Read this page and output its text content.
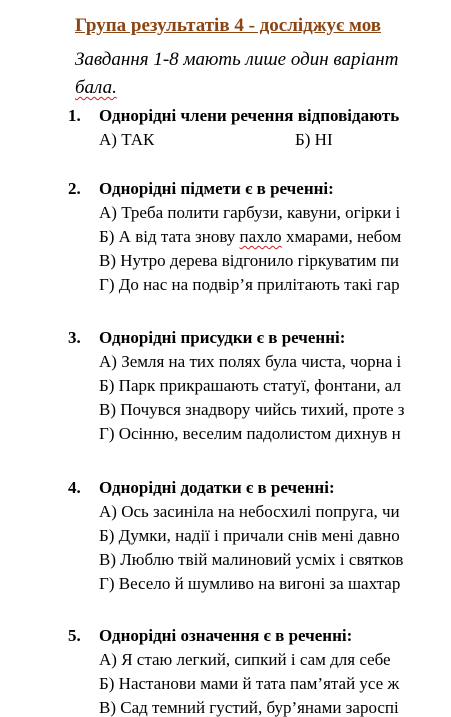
Група результатів 4 - досліджує мов
Завдання 1-8 мають лише один варіант
бала.
1.	Однорідні члени речення відповідають
А) ТАК	Б) НІ
2.	Однорідні підмети є в реченні:
А) Треба полити гарбузи, кавуни, огірки і
Б) А від тата знову пахло хмарами, небом
В) Нутро дерева відгонило гіркуватим пи
Г) До нас на подвір’я прилітають такі гар
3.	Однорідні присудки є в реченні:
А) Земля на тих полях була чиста, чорна і
Б) Парк прикрашають статуї, фонтани, ал
В) Почувся знадвору чийсь тихий, проте з
Г) Осінню, веселим падолистом дихнув н
4.	Однорідні додатки є в реченні:
А) Ось засиніла на небосхилі попруга, чи
Б) Думки, надії і причали снів мені давно
В) Люблю твій малиновий усміх і святков
Г) Весело й шумливо на вигоні за шахтар
5.	Однорідні означення є в реченні:
А) Я стаю легкий, сипкий і сам для себе
Б) Настанови мами й тата пам’ятай усе ж
В) Сад темний густий, бур’янами зароспі
